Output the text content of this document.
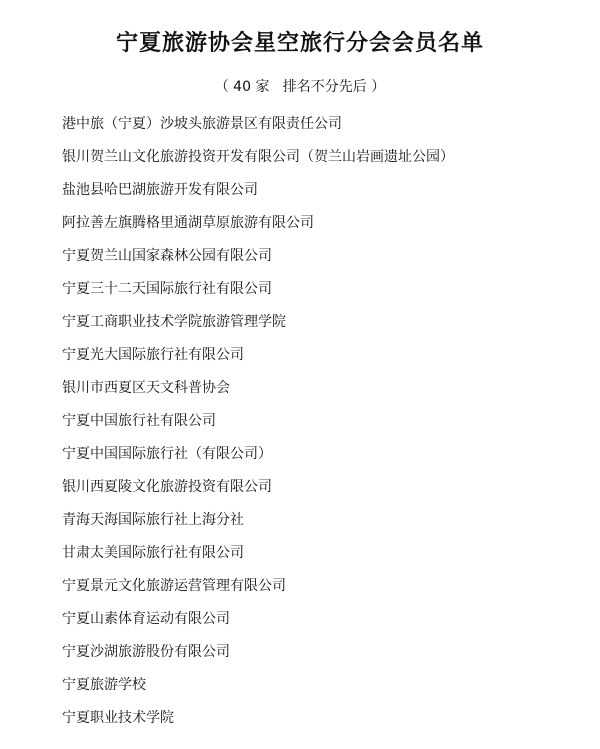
宁夏旅游协会星空旅行分会会员名单

（ 40 家   排名不分先后 ）

港中旅（宁夏）沙坡头旅游景区有限责任公司
银川贺兰山文化旅游投资开发有限公司（贺兰山岩画遗址公园）
盐池县哈巴湖旅游开发有限公司
阿拉善左旗腾格里通湖草原旅游有限公司
宁夏贺兰山国家森林公园有限公司
宁夏三十二天国际旅行社有限公司
宁夏工商职业技术学院旅游管理学院
宁夏光大国际旅行社有限公司
银川市西夏区天文科普协会
宁夏中国旅行社有限公司
宁夏中国国际旅行社（有限公司）
银川西夏陵文化旅游投资有限公司
青海天海国际旅行社上海分社
甘肃太美国际旅行社有限公司
宁夏景元文化旅游运营管理有限公司
宁夏山素体育运动有限公司
宁夏沙湖旅游股份有限公司
宁夏旅游学校
宁夏职业技术学院
